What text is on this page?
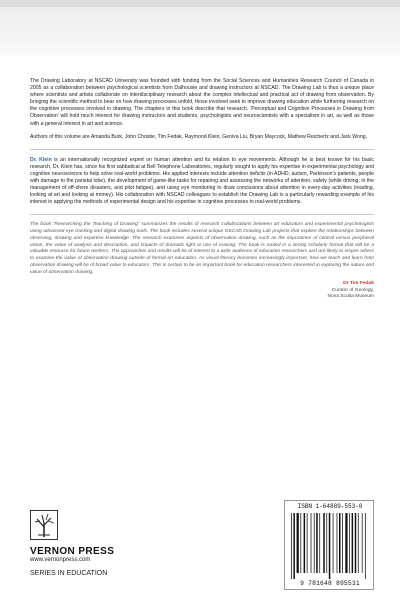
The Drawing Laboratory at NSCAD University was founded with funding from the Social Sciences and Humanities Research Council of Canada in 2005 as a collaboration between psychological scientists from Dalhousie and drawing instructors at NSCAD. The Drawing Lab is thus a unique place where scientists and artists collaborate on interdisciplinary research about the complex intellectual and practical act of drawing from observation. By bringing the scientific method to bear on how drawing processes unfold, those involved seek to improve drawing education while furthering research on the cognitive processes involved in drawing. The chapters in this book describe that research. ‘Perceptual and Cognitive Processes in Drawing from Observation’ will hold much interest for drawing instructors and students, psychologists and neuroscientists with a specialism in art, as well as those with a general interest in art and science.

Authors of this volume are Amanda Burk, John Christie, Tim Fedak, Raymond Klein, Geniva Liu, Bryan Maycock, Mathew Reichertz and Jack Wong.

Dr. Klein is an internationally recognized expert on human attention and its relation to eye movements. Although he is best known for his basic research, Dr. Klein has, since his first sabbatical at Bell Telephone Laboratories, regularly sought to apply his expertise in experimental psychology and cognitive neuroscience to help solve real-world problems. His applied interests include attention deficits (in ADHD, autism, Parkinson’s patients, people with damage to the parietal lobe), the development of game-like tasks for repairing and assessing the networks of attention, safety (while driving, in the management of off-shore disasters, and pilot fatigue), and using eye monitoring to draw conclusions about attention in every-day activities (reading, looking at art and looking at money). His collaboration with NSCAD colleagues to establish the Drawing Lab is a particularly rewarding example of his interest in applying the methods of experimental design and his expertise in cognitive processes to real-world problems.

The book “Researching the Teaching of Drawing” summarizes the results of research collaborations between art educators and experimental psychologists using advanced eye tracking and digital drawing tools. The book includes several unique NSCAD Drawing Lab projects that explore the relationships between observing, drawing and expertise knowledge. The research examines aspects of observation drawing, such as the importance of central versus peripheral vision, the value of analysis and description, and impacts of dramatic light or use of erasing. The book is rooted in a strong scholarly format that will be a valuable resource for future workers. The approaches and results will be of interest to a wide audience of education researchers and are likely to inspire others to examine the value of observation drawing outside of formal art education. As visual literacy becomes increasingly important, how we teach and learn from observation drawing will be of broad value to educators. This is certain to be an important book for education researchers interested in exploring the nature and value of observation drawing.

Dr Tim Fedak
Curator of Geology,
Nova Scotia Museum
VERNON PRESS
www.vernonpress.com
SERIES IN EDUCATION
ISBN 1-64889-553-0
9 781648 895531
